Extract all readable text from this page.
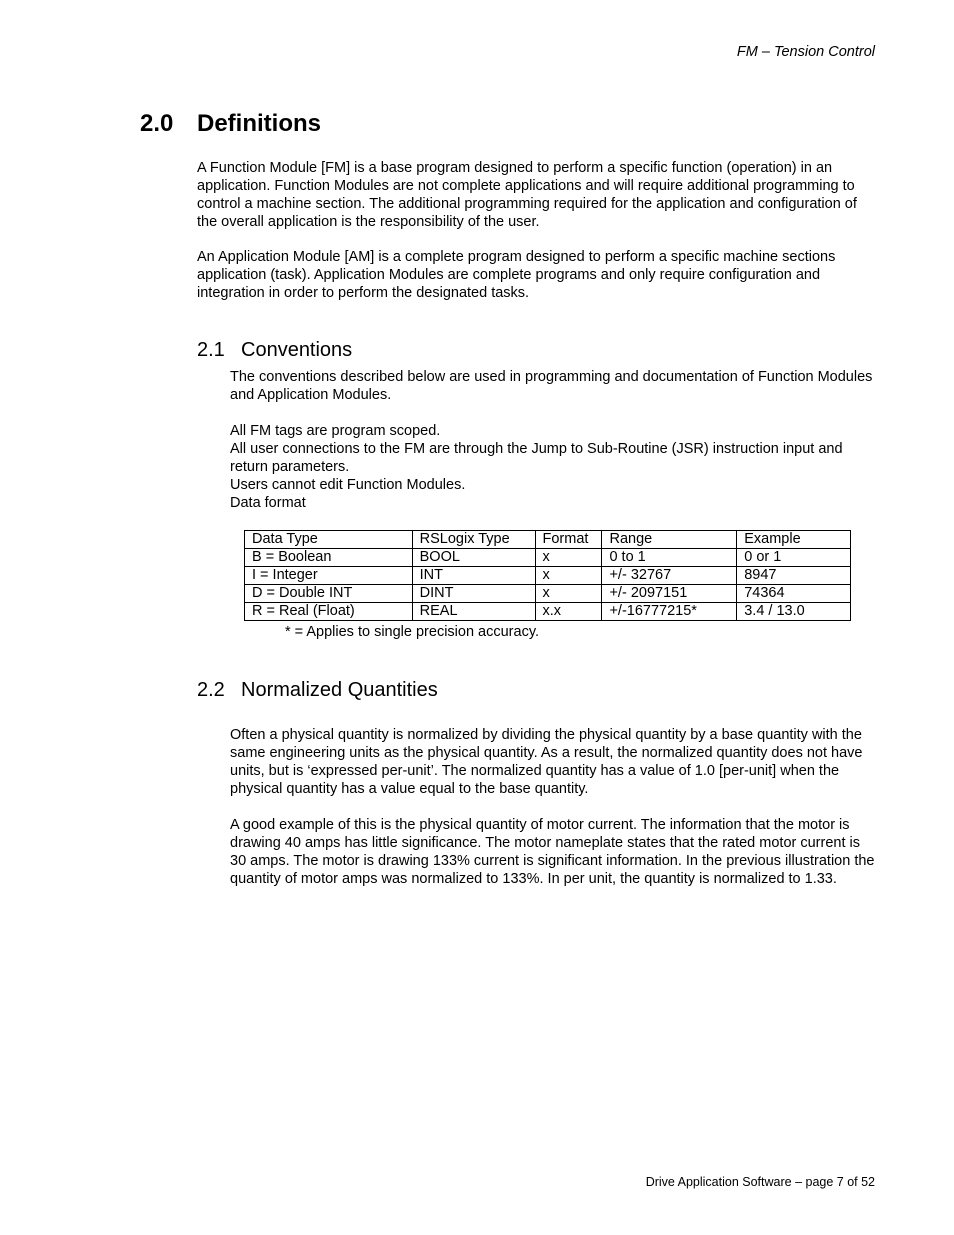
FM – Tension Control
2.0 Definitions

A Function Module [FM] is a base program designed to perform a specific function (operation) in an application. Function Modules are not complete applications and will require additional programming to control a machine section. The additional programming required for the application and configuration of the overall application is the responsibility of the user.

An Application Module [AM] is a complete program designed to perform a specific machine sections application (task). Application Modules are complete programs and only require configuration and integration in order to perform the designated tasks.

2.1 Conventions

The conventions described below are used in programming and documentation of Function Modules and Application Modules.

All FM tags are program scoped.

All user connections to the FM are through the Jump to Sub-Routine (JSR) instruction input and return parameters.

Users cannot edit Function Modules.

Data format

Data Type	RSLogix Type	Format	Range	Example
B = Boolean	BOOL	x	0 to 1	0 or 1
I = Integer	INT	x	+/- 32767	8947
D = Double INT	DINT	x	+/- 2097151	74364
R = Real (Float)	REAL	x.x	+/-16777215*	3.4 / 13.0
* = Applies to single precision accuracy.
2.2 Normalized Quantities

Often a physical quantity is normalized by dividing the physical quantity by a base quantity with the same engineering units as the physical quantity. As a result, the normalized quantity does not have units, but is ‘expressed per-unit’. The normalized quantity has a value of 1.0 [per-unit] when the physical quantity has a value equal to the base quantity.

A good example of this is the physical quantity of motor current. The information that the motor is drawing 40 amps has little significance. The motor nameplate states that the rated motor current is 30 amps. The motor is drawing 133% current is significant information. In the previous illustration the quantity of motor amps was normalized to 133%. In per unit, the quantity is normalized to 1.33.

Drive Application Software – page 7 of 52
